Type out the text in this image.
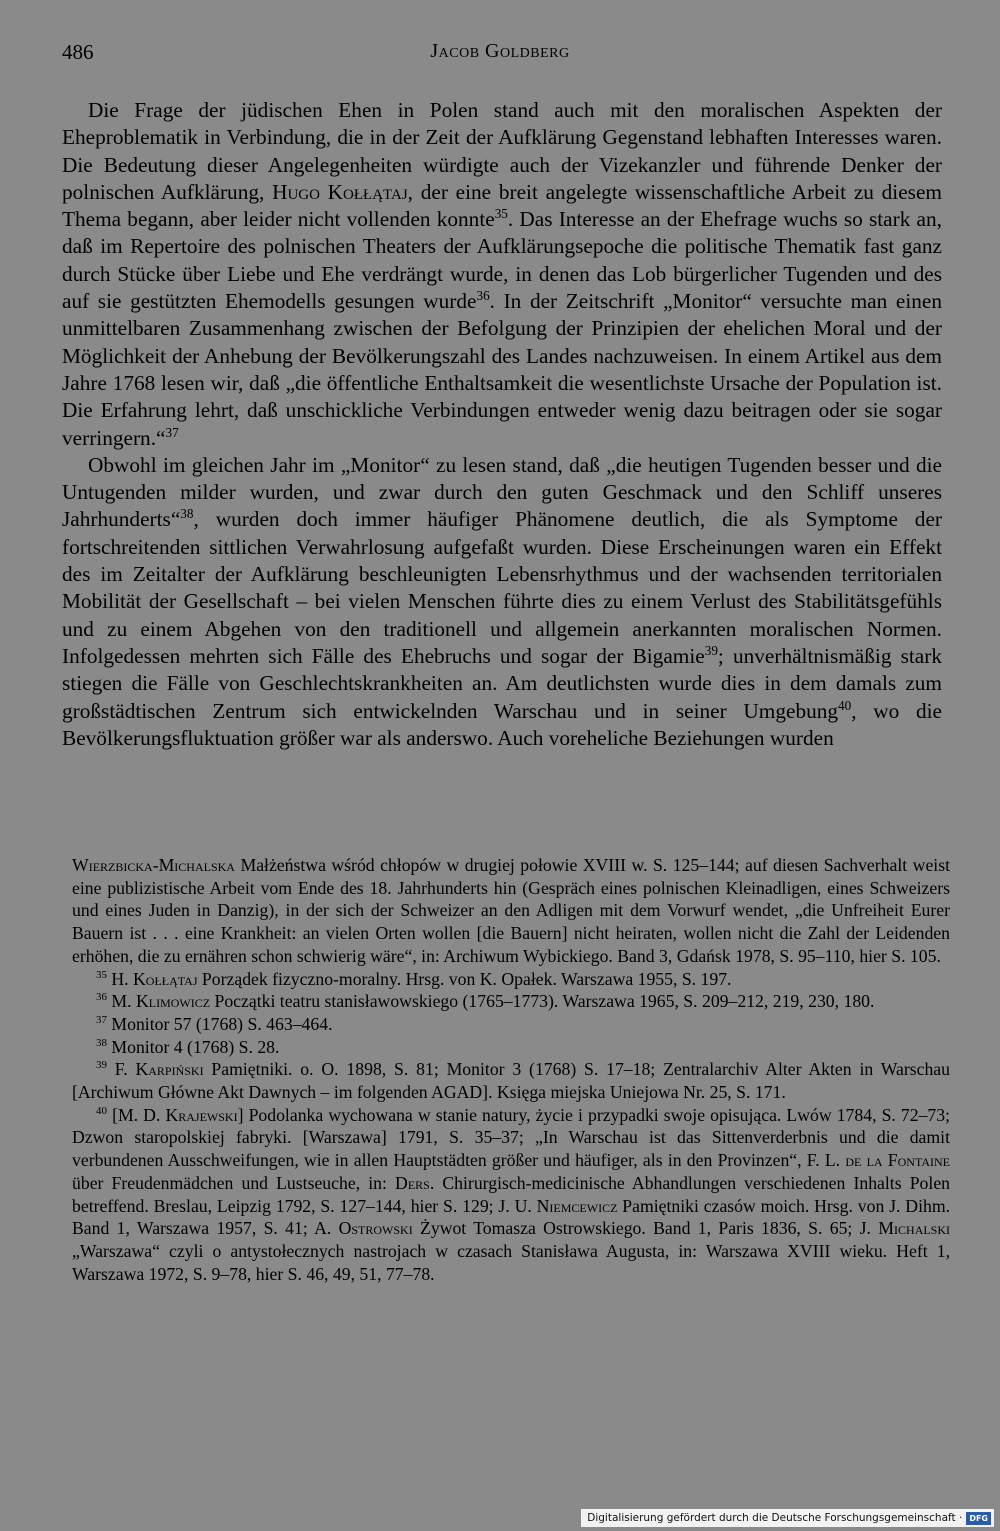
486	Jacob Goldberg

Die Frage der jüdischen Ehen in Polen stand auch mit den moralischen Aspekten der Eheproblematik in Verbindung, die in der Zeit der Aufklärung Gegenstand lebhaften Interesses waren. Die Bedeutung dieser Angelegenheiten würdigte auch der Vizekanzler und führende Denker der polnischen Aufklärung, Hugo Kołłątaj, der eine breit angelegte wissenschaftliche Arbeit zu diesem Thema begann, aber leider nicht vollenden konnte$^{35}$. Das Interesse an der Ehefrage wuchs so stark an, daß im Repertoire des polnischen Theaters der Aufklärungsepoche die politische Thematik fast ganz durch Stücke über Liebe und Ehe verdrängt wurde, in denen das Lob bürgerlicher Tugenden und des auf sie gestützten Ehemodells gesungen wurde$^{36}$. In der Zeitschrift „Monitor“ versuchte man einen unmittelbaren Zusammenhang zwischen der Befolgung der Prinzipien der ehelichen Moral und der Möglichkeit der Anhebung der Bevölkerungszahl des Landes nachzuweisen. In einem Artikel aus dem Jahre 1768 lesen wir, daß „die öffentliche Enthaltsamkeit die wesentlichste Ursache der Population ist. Die Erfahrung lehrt, daß unschickliche Verbindungen entweder wenig dazu beitragen oder sie sogar verringern.“$^{37}$

Obwohl im gleichen Jahr im „Monitor“ zu lesen stand, daß „die heutigen Tugenden besser und die Untugenden milder wurden, und zwar durch den guten Geschmack und den Schliff unseres Jahrhunderts“$^{38}$, wurden doch immer häufiger Phänomene deutlich, die als Symptome der fortschreitenden sittlichen Verwahrlosung aufgefaßt wurden. Diese Erscheinungen waren ein Effekt des im Zeitalter der Aufklärung beschleunigten Lebensrhythmus und der wachsenden territorialen Mobilität der Gesellschaft – bei vielen Menschen führte dies zu einem Verlust des Stabilitätsgefühls und zu einem Abgehen von den traditionell und allgemein anerkannten moralischen Normen. Infolgedessen mehrten sich Fälle des Ehebruchs und sogar der Bigamie$^{39}$; unverhältnismäßig stark stiegen die Fälle von Geschlechtskrankheiten an. Am deutlichsten wurde dies in dem damals zum großstädtischen Zentrum sich entwickelnden Warschau und in seiner Umgebung$^{40}$, wo die Bevölkerungsfluktuation größer war als anderswo. Auch voreheliche Beziehungen wurden

Wierzbicka-Michalska Małżeństwa wśród chłopów w drugiej połowie XVIII w. S. 125–144; auf diesen Sachverhalt weist eine publizistische Arbeit vom Ende des 18. Jahrhunderts hin (Gespräch eines polnischen Kleinadligen, eines Schweizers und eines Juden in Danzig), in der sich der Schweizer an den Adligen mit dem Vorwurf wendet, „die Unfreiheit Eurer Bauern ist . . . eine Krankheit: an vielen Orten wollen [die Bauern] nicht heiraten, wollen nicht die Zahl der Leidenden erhöhen, die zu ernähren schon schwierig wäre“, in: Archiwum Wybickiego. Band 3, Gdańsk 1978, S. 95–110, hier S. 105.

$^{35}$ H. Kołłątaj Porządek fizyczno-moralny. Hrsg. von K. Opałek. Warszawa 1955, S. 197.

$^{36}$ M. Klimowicz Początki teatru stanisławowskiego (1765–1773). Warszawa 1965, S. 209–212, 219, 230, 180.

$^{37}$ Monitor 57 (1768) S. 463–464.

$^{38}$ Monitor 4 (1768) S. 28.

$^{39}$ F. Karpiński Pamiętniki. o. O. 1898, S. 81; Monitor 3 (1768) S. 17–18; Zentralarchiv Alter Akten in Warschau [Archiwum Główne Akt Dawnych – im folgenden AGAD]. Księga miejska Uniejowa Nr. 25, S. 171.

$^{40}$ [M. D. Krajewski] Podolanka wychowana w stanie natury, życie i przypadki swoje opisująca. Lwów 1784, S. 72–73; Dzwon staropolskiej fabryki. [Warszawa] 1791, S. 35–37; „In Warschau ist das Sittenverderbnis und die damit verbundenen Ausschweifungen, wie in allen Hauptstädten größer und häufiger, als in den Provinzen“, F. L. de la Fontaine über Freudenmädchen und Lustseuche, in: Ders. Chirurgisch-medicinische Abhandlungen verschiedenen Inhalts Polen betreffend. Breslau, Leipzig 1792, S. 127–144, hier S. 129; J. U. Niemcewicz Pamiętniki czasów moich. Hrsg. von J. Dihm. Band 1, Warszawa 1957, S. 41; A. Ostrowski Żywot Tomasza Ostrowskiego. Band 1, Paris 1836, S. 65; J. Michalski „Warszawa“ czyli o antystołecznych nastrojach w czasach Stanisława Augusta, in: Warszawa XVIII wieku. Heft 1, Warszawa 1972, S. 9–78, hier S. 46, 49, 51, 77–78.

Digitalisierung gefördert durch die Deutsche Forschungsgemeinschaft · DFG
